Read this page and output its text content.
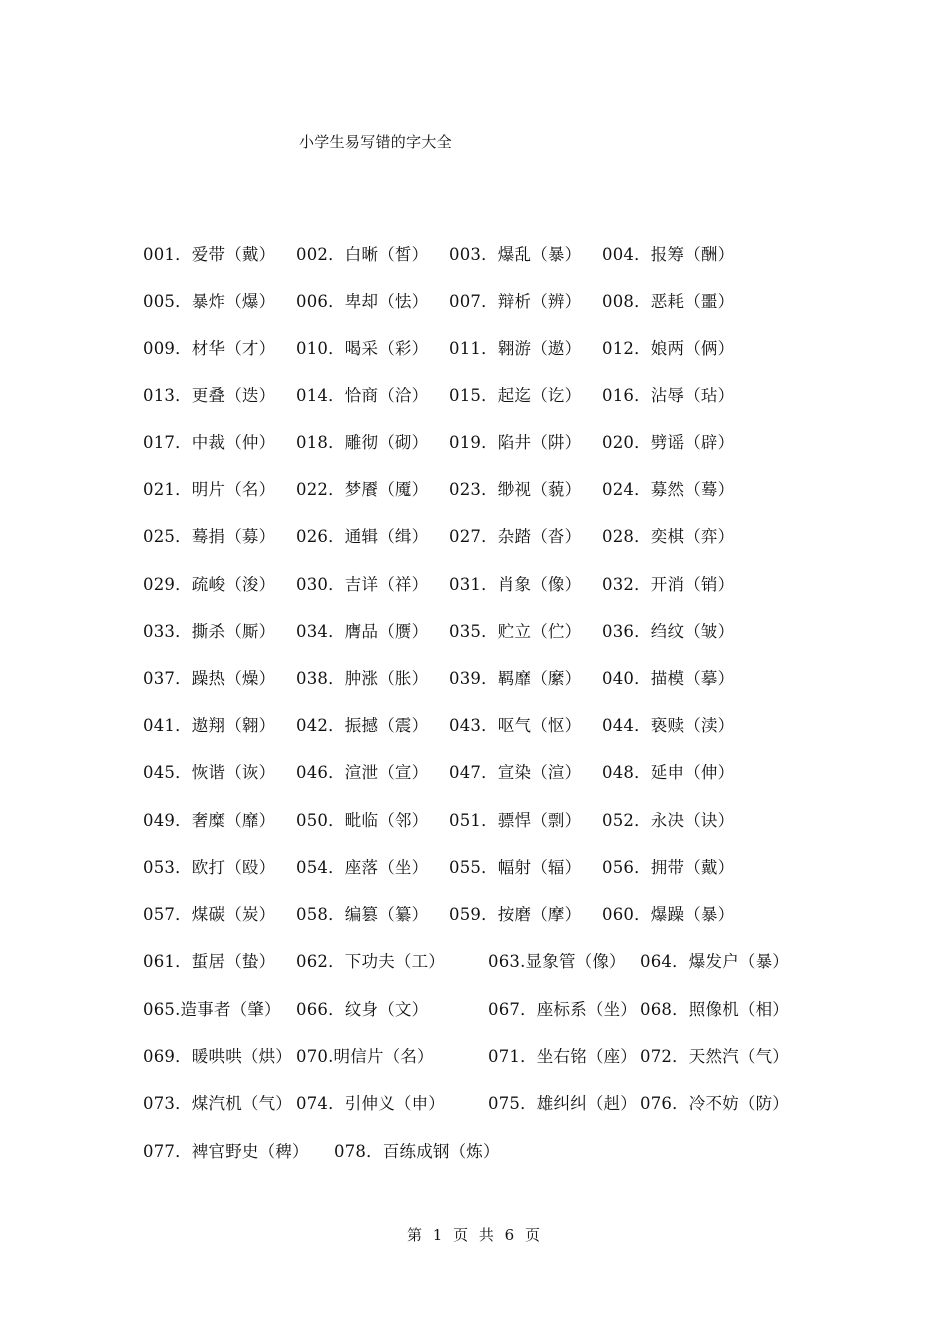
小学生易写错的字大全
001．爱带（戴） 002．白晰（皙） 003．爆乱（暴） 004．报筹（酬）
005．暴炸（爆） 006．卑却（怯） 007．辩析（辨） 008．恶耗（噩）
009．材华（才） 010．喝采（彩） 011．翱游（遨） 012．娘两（俩）
013．更叠（迭） 014．恰商（洽） 015．起迄（讫） 016．沾辱（玷）
017．中裁（仲） 018．雕彻（砌） 019．陷井（阱） 020．劈谣（辟）
021．明片（名） 022．梦餍（魇） 023．缈视（藐） 024．募然（蓦）
025．蓦捐（募） 026．通辑（缉） 027．杂踏（沓） 028．奕棋（弈）
029．疏峻（浚） 030．吉详（祥） 031．肖象（像） 032．开消（销）
033．撕杀（厮） 034．膺品（赝） 035．贮立（伫） 036．绉纹（皱）
037．躁热（燥） 038．肿涨（胀） 039．羁靡（縻） 040．描模（摹）
041．遨翔（翱） 042．振撼（震） 043．呕气（怄） 044．亵赎（渎）
045．恢谐（诙） 046．渲泄（宣） 047．宣染（渲） 048．延申（伸）
049．奢糜（靡） 050．毗临（邻） 051．骠悍（剽） 052．永决（诀）
053．欧打（殴） 054．座落（坐） 055．幅射（辐） 056．拥带（戴）
057．煤碳（炭） 058．编篡（纂） 059．按磨（摩） 060．爆躁（暴）
061．蜇居（蛰） 062．下功夫（工）	063.显象管（像） 064．爆发户（暴）
065.造事者（肇） 066．纹身（文）	067．座标系（坐） 068．照像机（相）
069．暖哄哄（烘） 070.明信片（名）	071．坐右铭（座） 072．天然汽（气）
073．煤汽机（气） 074．引伸义（申）	075．雄纠纠（赳） 076．冷不妨（防）
077．裨官野史（稗） 078．百练成钢（炼）
第 1 页 共 6 页
